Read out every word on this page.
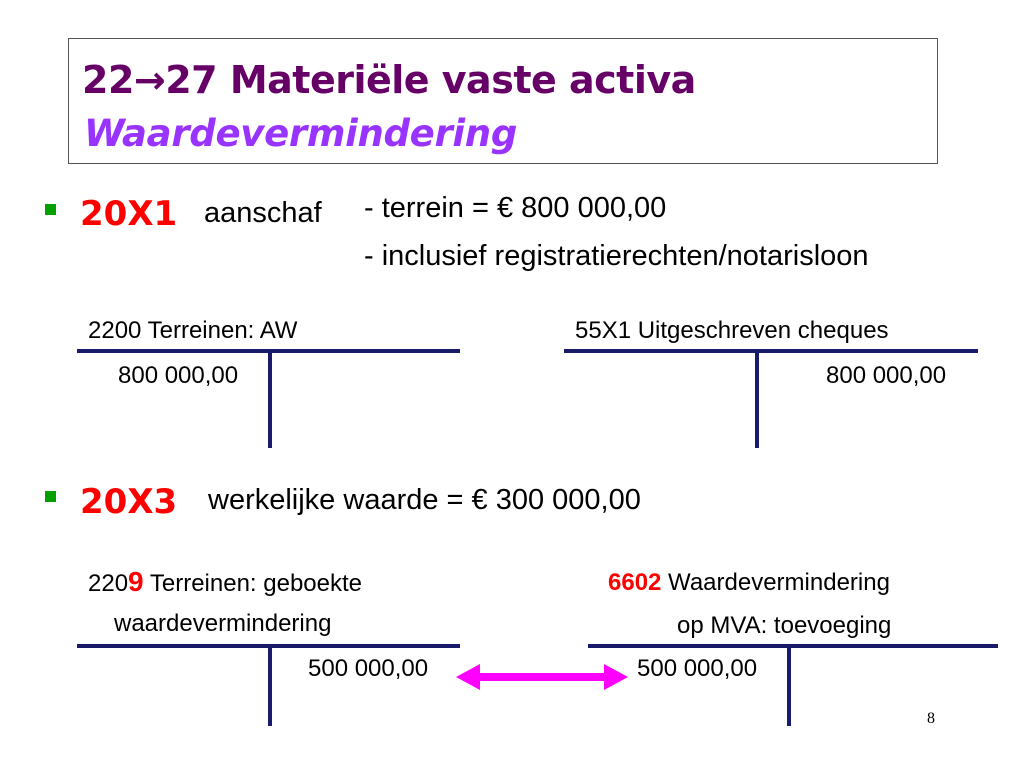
22→27 Materiële vaste activa
Waardevermindering
20X1 aanschaf - terrein = € 800 000,00
- inclusief registratierechten/notarisloon
2200 Terreinen: AW
800 000,00
55X1 Uitgeschreven cheques
800 000,00
20X3 werkelijke waarde = € 300 000,00
2209 Terreinen: geboekte
waardevermindering
500 000,00
6602 Waardevermindering
op MVA: toevoeging
500 000,00
8
